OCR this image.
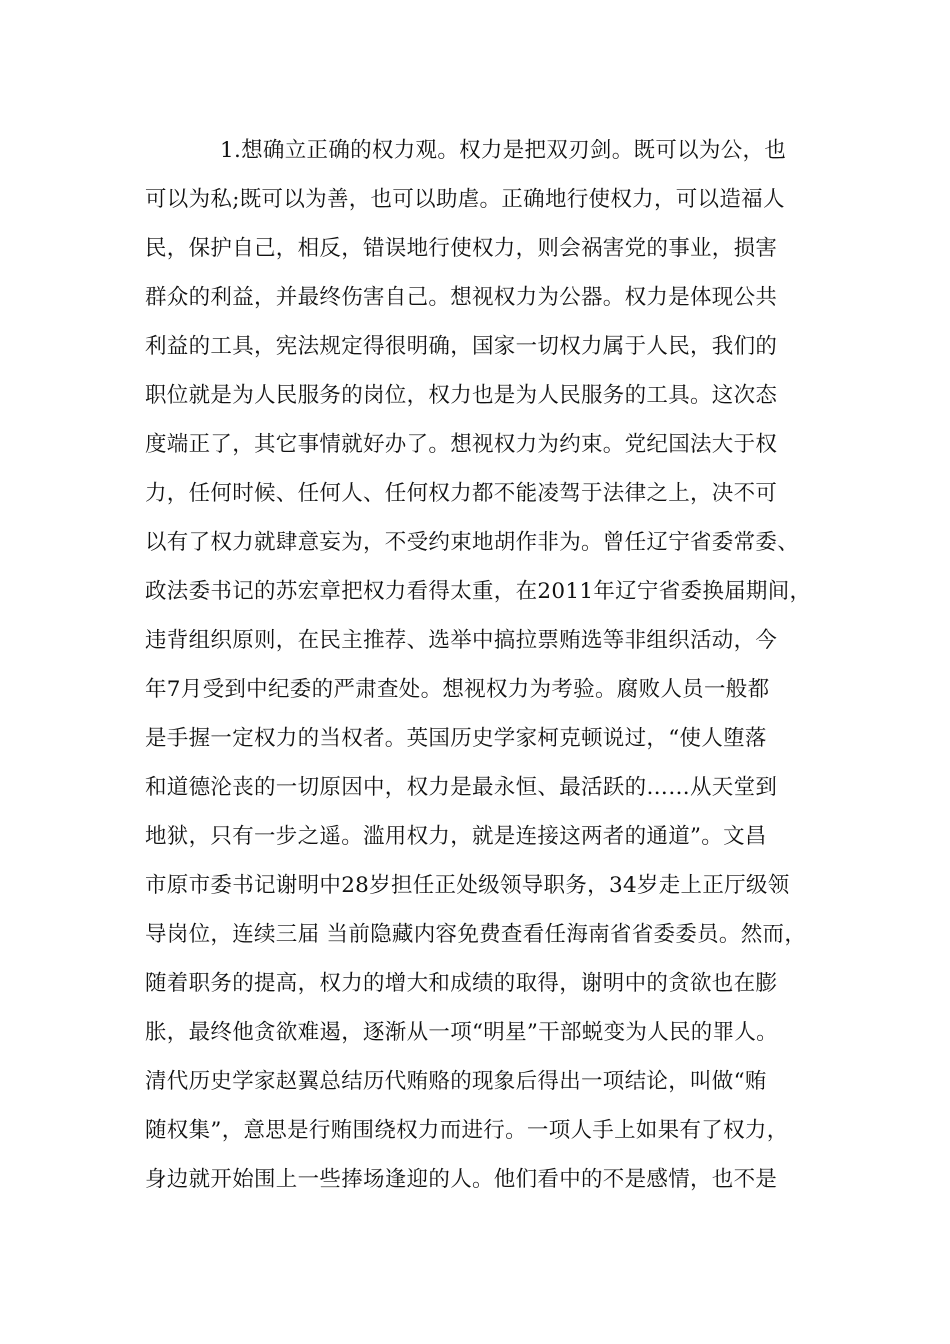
1.想确立正确的权力观。权力是把双刃剑。既可以为公，也
可以为私;既可以为善，也可以助虐。正确地行使权力，可以造福人
民，保护自己，相反，错误地行使权力，则会祸害党的事业，损害
群众的利益，并最终伤害自己。想视权力为公器。权力是体现公共
利益的工具，宪法规定得很明确，国家一切权力属于人民，我们的
职位就是为人民服务的岗位，权力也是为人民服务的工具。这次态
度端正了，其它事情就好办了。想视权力为约束。党纪国法大于权
力，任何时候、任何人、任何权力都不能凌驾于法律之上，决不可
以有了权力就肆意妄为，不受约束地胡作非为。曾任辽宁省委常委、
政法委书记的苏宏章把权力看得太重，在2011年辽宁省委换届期间，
违背组织原则，在民主推荐、选举中搞拉票贿选等非组织活动，今
年7月受到中纪委的严肃查处。想视权力为考验。腐败人员一般都
是手握一定权力的当权者。英国历史学家柯克顿说过，“使人堕落
和道德沦丧的一切原因中，权力是最永恒、最活跃的……从天堂到
地狱，只有一步之遥。滥用权力，就是连接这两者的通道”。文昌
市原市委书记谢明中28岁担任正处级领导职务，34岁走上正厅级领
导岗位，连续三届 当前隐藏内容免费查看任海南省省委委员。然而，
随着职务的提高，权力的增大和成绩的取得，谢明中的贪欲也在膨
胀，最终他贪欲难遏，逐渐从一项“明星”干部蜕变为人民的罪人。
清代历史学家赵翼总结历代贿赂的现象后得出一项结论，叫做“贿
随权集”，意思是行贿围绕权力而进行。一项人手上如果有了权力，
身边就开始围上一些捧场逢迎的人。他们看中的不是感情，也不是
